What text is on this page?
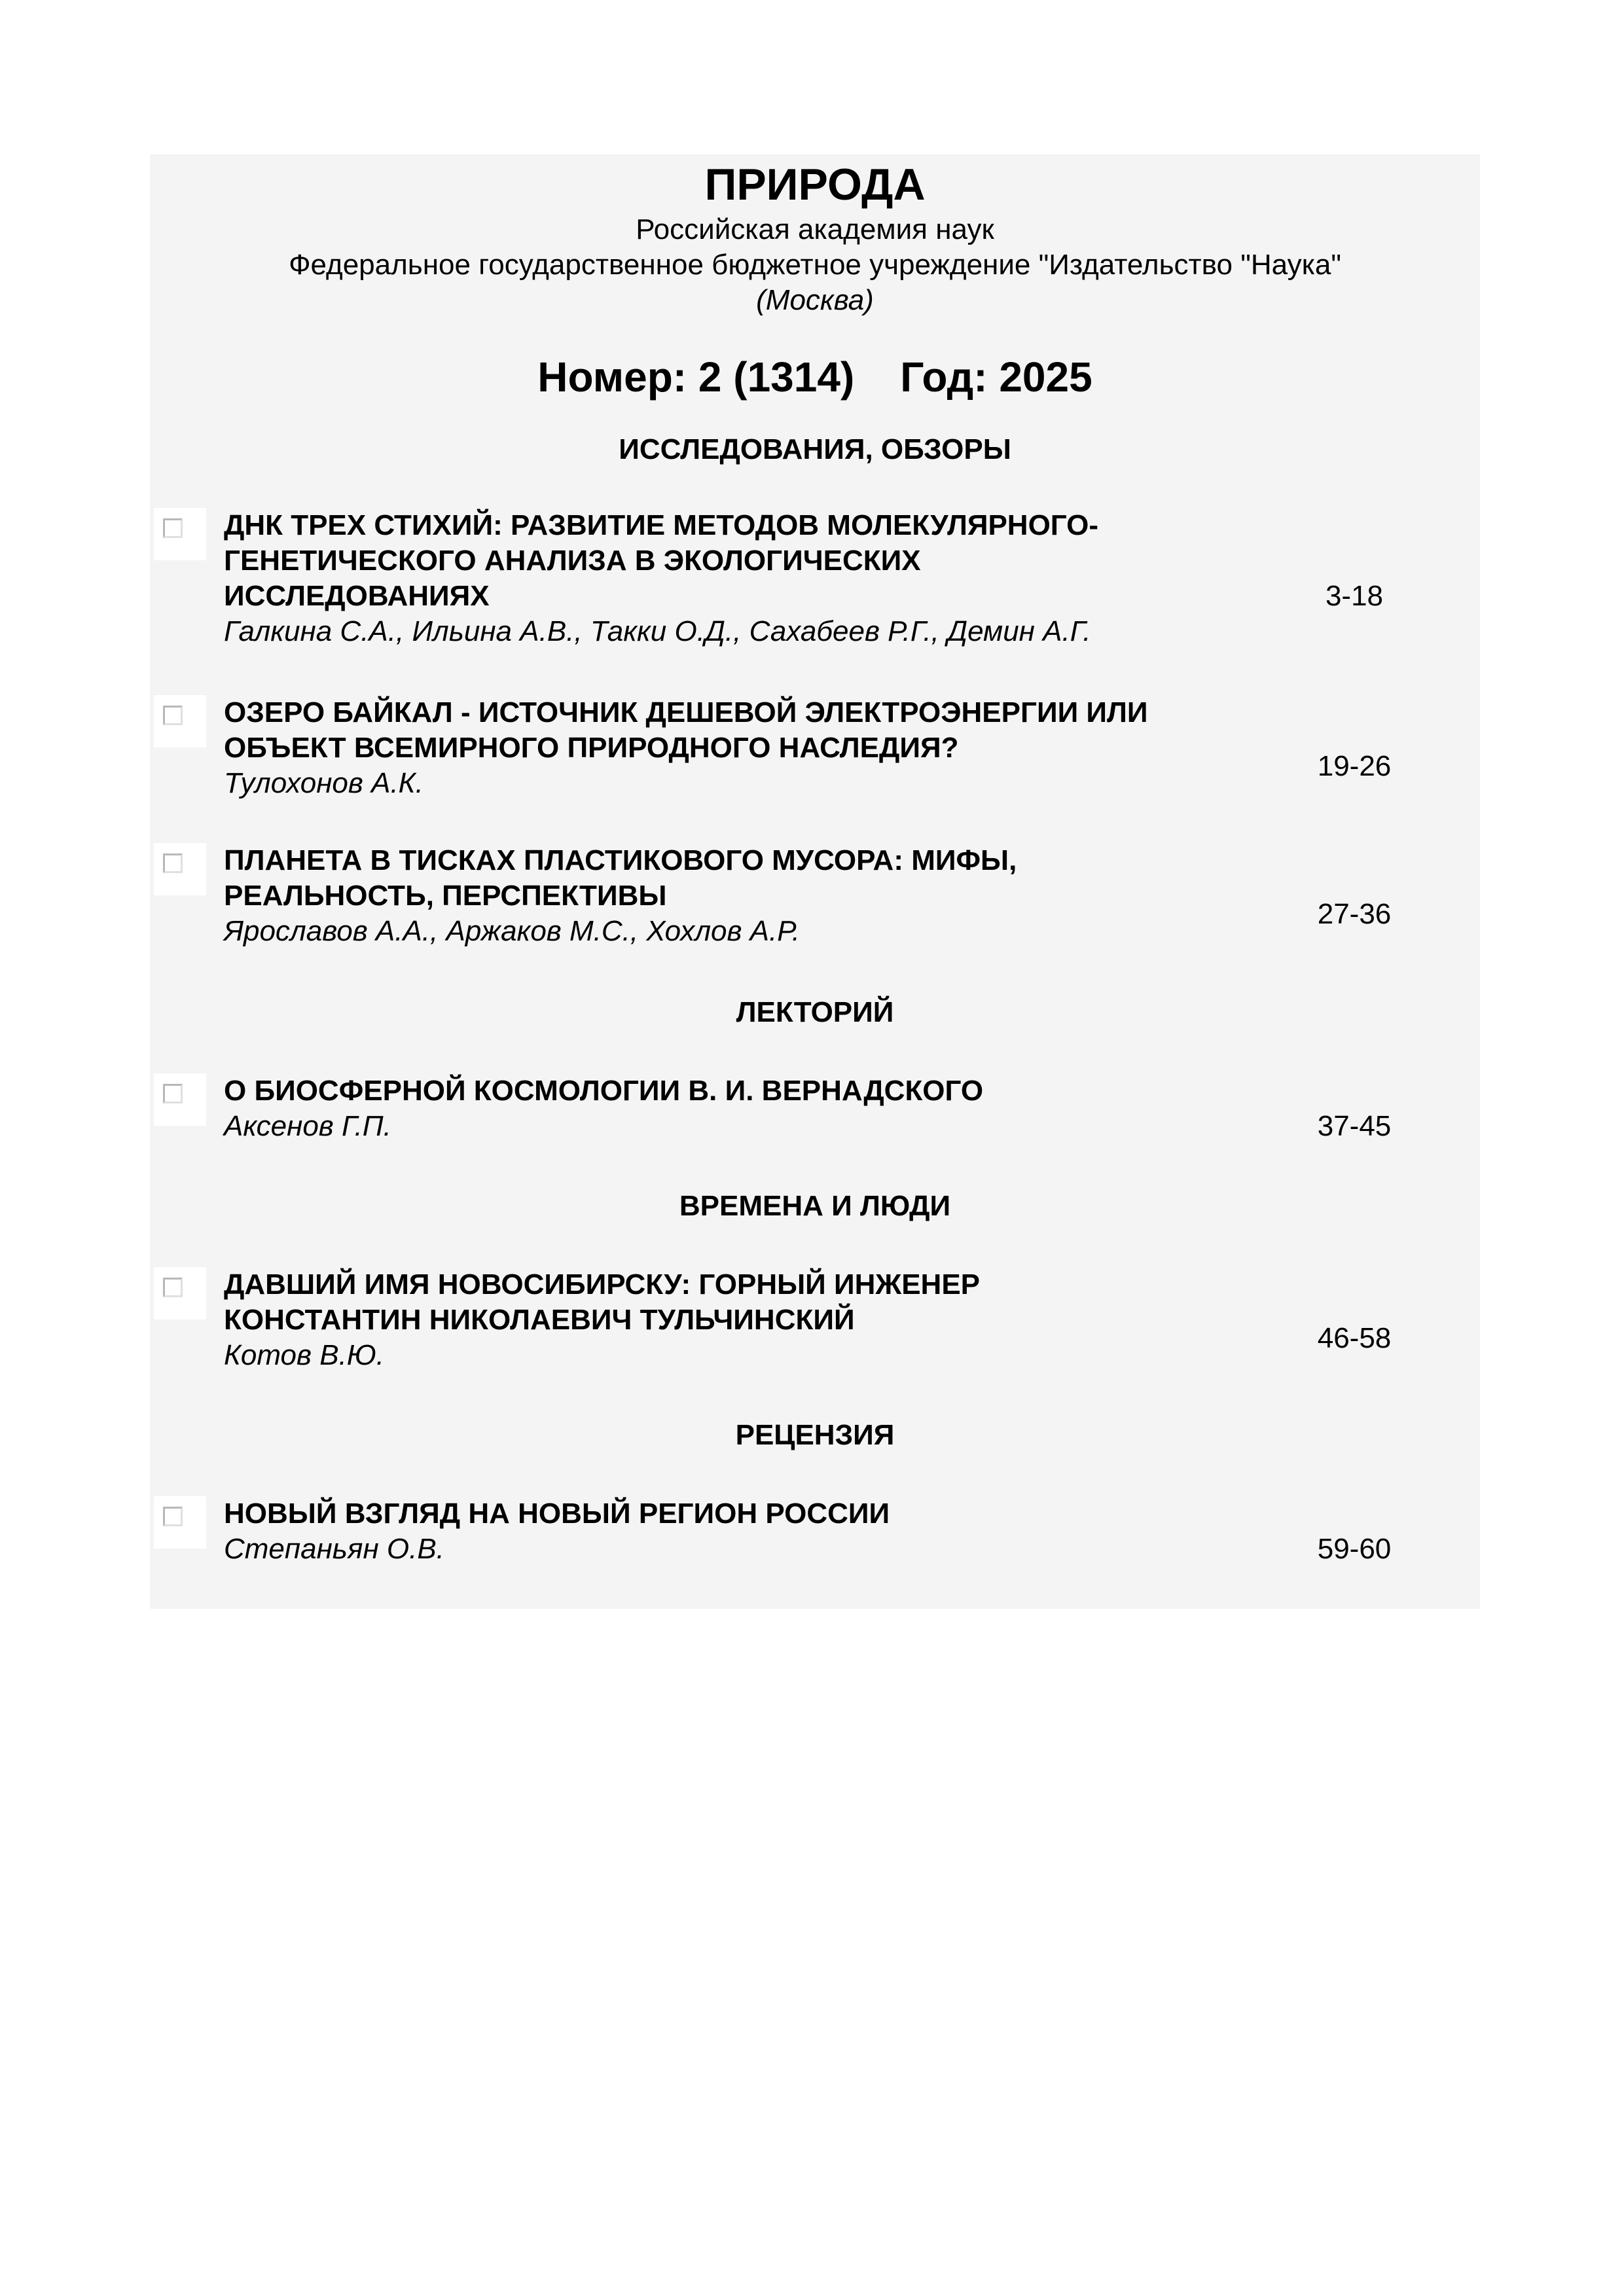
ПРИРОДА
Российская академия наук
Федеральное государственное бюджетное учреждение "Издательство "Наука"
(Москва)
Номер: 2 (1314) Год: 2025
ИССЛЕДОВАНИЯ, ОБЗОРЫ
ДНК ТРЕХ СТИХИЙ: РАЗВИТИЕ МЕТОДОВ МОЛЕКУЛЯРНОГО-
ГЕНЕТИЧЕСКОГО АНАЛИЗА В ЭКОЛОГИЧЕСКИХ
ИССЛЕДОВАНИЯХ
Галкина С.А., Ильина А.В., Такки О.Д., Сахабеев Р.Г., Демин А.Г.
3-18
ОЗЕРО БАЙКАЛ - ИСТОЧНИК ДЕШЕВОЙ ЭЛЕКТРОЭНЕРГИИ ИЛИ
ОБЪЕКТ ВСЕМИРНОГО ПРИРОДНОГО НАСЛЕДИЯ?
Тулохонов А.К.
19-26
ПЛАНЕТА В ТИСКАХ ПЛАСТИКОВОГО МУСОРА: МИФЫ,
РЕАЛЬНОСТЬ, ПЕРСПЕКТИВЫ
Ярославов А.А., Аржаков М.С., Хохлов А.Р.
27-36
ЛЕКТОРИЙ
О БИОСФЕРНОЙ КОСМОЛОГИИ В. И. ВЕРНАДСКОГО
Аксенов Г.П.	37-45
ВРЕМЕНА И ЛЮДИ
ДАВШИЙ ИМЯ НОВОСИБИРСКУ: ГОРНЫЙ ИНЖЕНЕР
КОНСТАНТИН НИКОЛАЕВИЧ ТУЛЬЧИНСКИЙ
Котов В.Ю.
46-58
РЕЦЕНЗИЯ
НОВЫЙ ВЗГЛЯД НА НОВЫЙ РЕГИОН РОССИИ
Степаньян О.В.	59-60
